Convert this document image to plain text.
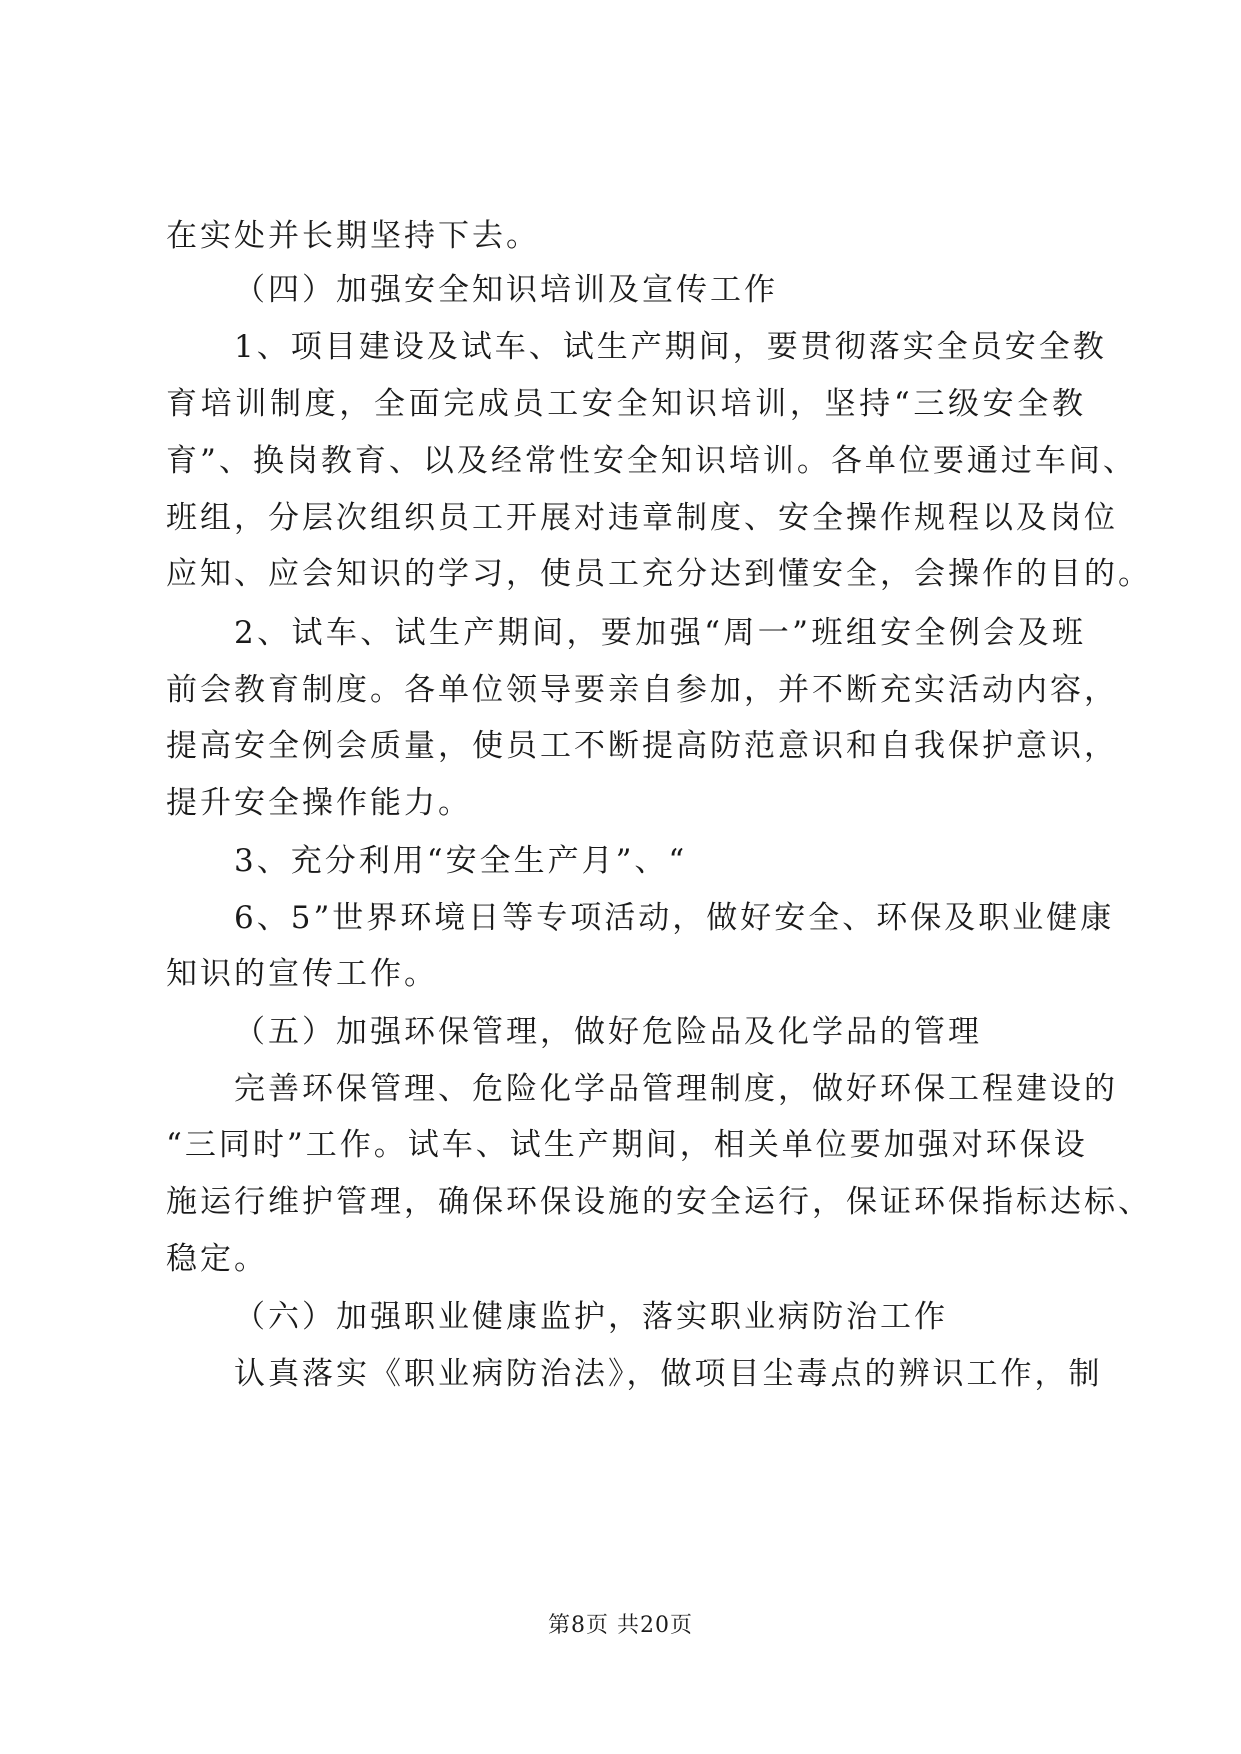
在实处并长期坚持下去。
（四）加强安全知识培训及宣传工作
1、项目建设及试车、试生产期间，要贯彻落实全员安全教
育培训制度，全面完成员工安全知识培训，坚持“三级安全教
育”、换岗教育、以及经常性安全知识培训。各单位要通过车间、
班组，分层次组织员工开展对违章制度、安全操作规程以及岗位
应知、应会知识的学习，使员工充分达到懂安全，会操作的目的。
2、试车、试生产期间，要加强“周一”班组安全例会及班
前会教育制度。各单位领导要亲自参加，并不断充实活动内容，
提高安全例会质量，使员工不断提高防范意识和自我保护意识，
提升安全操作能力。
3、充分利用“安全生产月”、“
6、5”世界环境日等专项活动，做好安全、环保及职业健康
知识的宣传工作。
（五）加强环保管理，做好危险品及化学品的管理
完善环保管理、危险化学品管理制度，做好环保工程建设的
“三同时”工作。试车、试生产期间，相关单位要加强对环保设
施运行维护管理，确保环保设施的安全运行，保证环保指标达标、
稳定。
（六）加强职业健康监护，落实职业病防治工作
认真落实《职业病防治法》，做项目尘毒点的辨识工作，制
第8页 共20页
